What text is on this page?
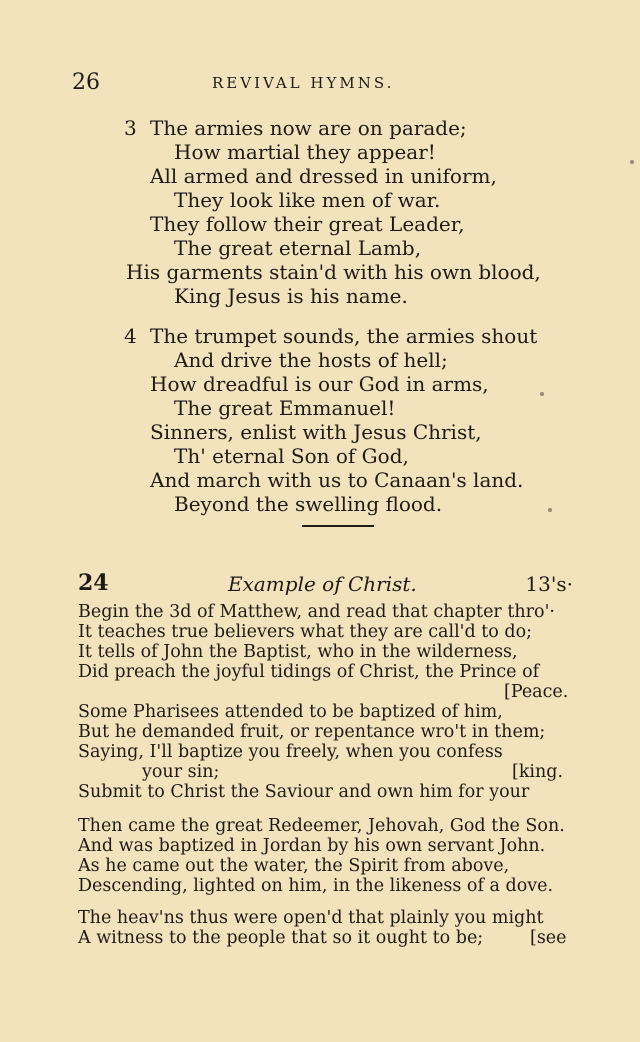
26	REVIVAL HYMNS.
3 The armies now are on parade;
How martial they appear!
All armed and dressed in uniform,
They look like men of war.
They follow their great Leader,
The great eternal Lamb,
His garments stain'd with his own blood,
King Jesus is his name.
4 The trumpet sounds, the armies shout
And drive the hosts of hell;
How dreadful is our God in arms,
The great Emmanuel!
Sinners, enlist with Jesus Christ,
Th' eternal Son of God,
And march with us to Canaan's land.
Beyond the swelling flood.
24	Example of Christ.	13's·
Begin the 3d of Matthew, and read that chapter thro'·
It teaches true believers what they are call'd to do;
It tells of John the Baptist, who in the wilderness,
Did preach the joyful tidings of Christ, the Prince of
[Peace.
Some Pharisees attended to be baptized of him,
But he demanded fruit, or repentance wro't in them;
Saying, I'll baptize you freely, when you confess
your sin;	[king.
Submit to Christ the Saviour and own him for your
Then came the great Redeemer, Jehovah, God the Son.
And was baptized in Jordan by his own servant John.
As he came out the water, the Spirit from above,
Descending, lighted on him, in the likeness of a dove.
The heav'ns thus were open'd that plainly you might
A witness to the people that so it ought to be;	[see
